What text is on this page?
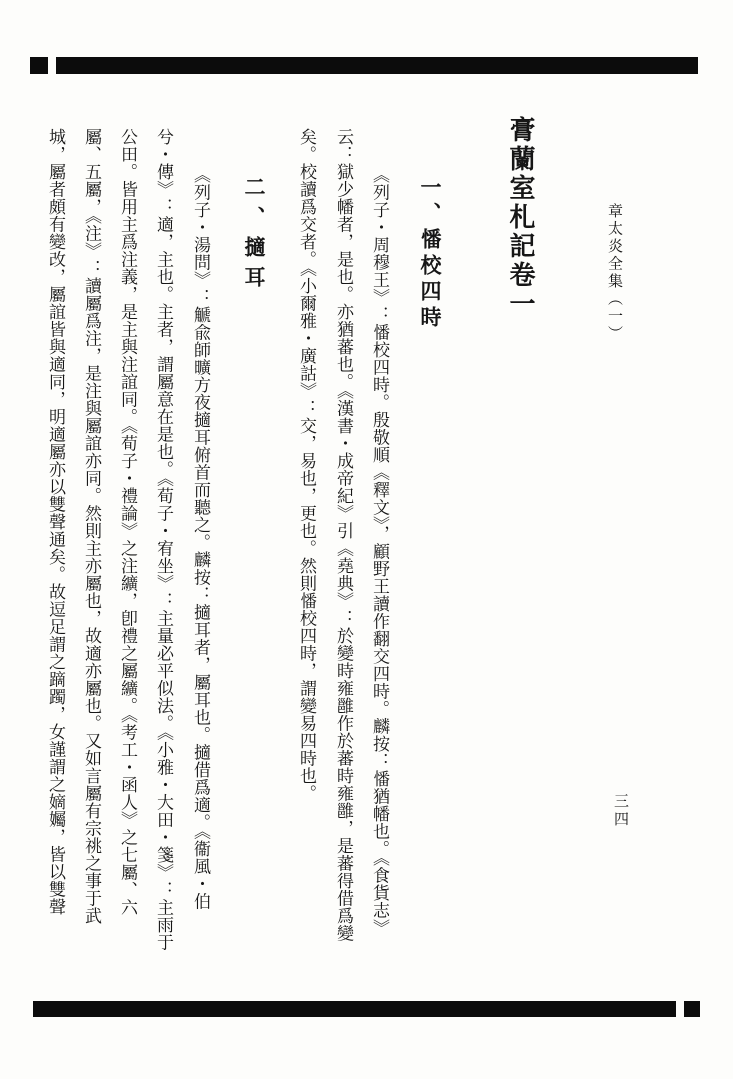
章太炎全集（一）
三四
膏蘭室札記卷一
一、憣校四時
《列子・周穆王》：憣校四時。殷敬順《釋文》，顧野王讀作翻交四時。麟按：憣猶幡也。《食貨志》
云：獄少幡者，是也。亦猶蕃也。《漢書・成帝紀》引《堯典》：於變時雍雝作於蕃時雍雝，是蕃得借爲變
矣。校讀爲交者。《小爾雅・廣詁》：交，易也，更也。然則憣校四時，謂變易四時也。
二、擿耳
《列子・湯問》：䚦兪師曠方夜擿耳俯首而聽之。麟按：擿耳者，屬耳也。擿借爲適。《衞風・伯
兮・傳》：適，主也。主者，謂屬意在是也。《荀子・宥坐》：主量必平似法。《小雅・大田・箋》：主雨于
公田。皆用主爲注義，是主與注誼同。《荀子・禮論》之注纊，卽禮之屬纊。《考工・函人》之七屬、六
屬、五屬，《注》：讀屬爲注，是注與屬誼亦同。然則主亦屬也，故適亦屬也。又如言屬有宗祧之事于武
城，屬者頗有變改，屬誼皆與適同，明適屬亦以雙聲通矣。故逗足謂之蹢躅，女謹謂之嫡孎，皆以雙聲
